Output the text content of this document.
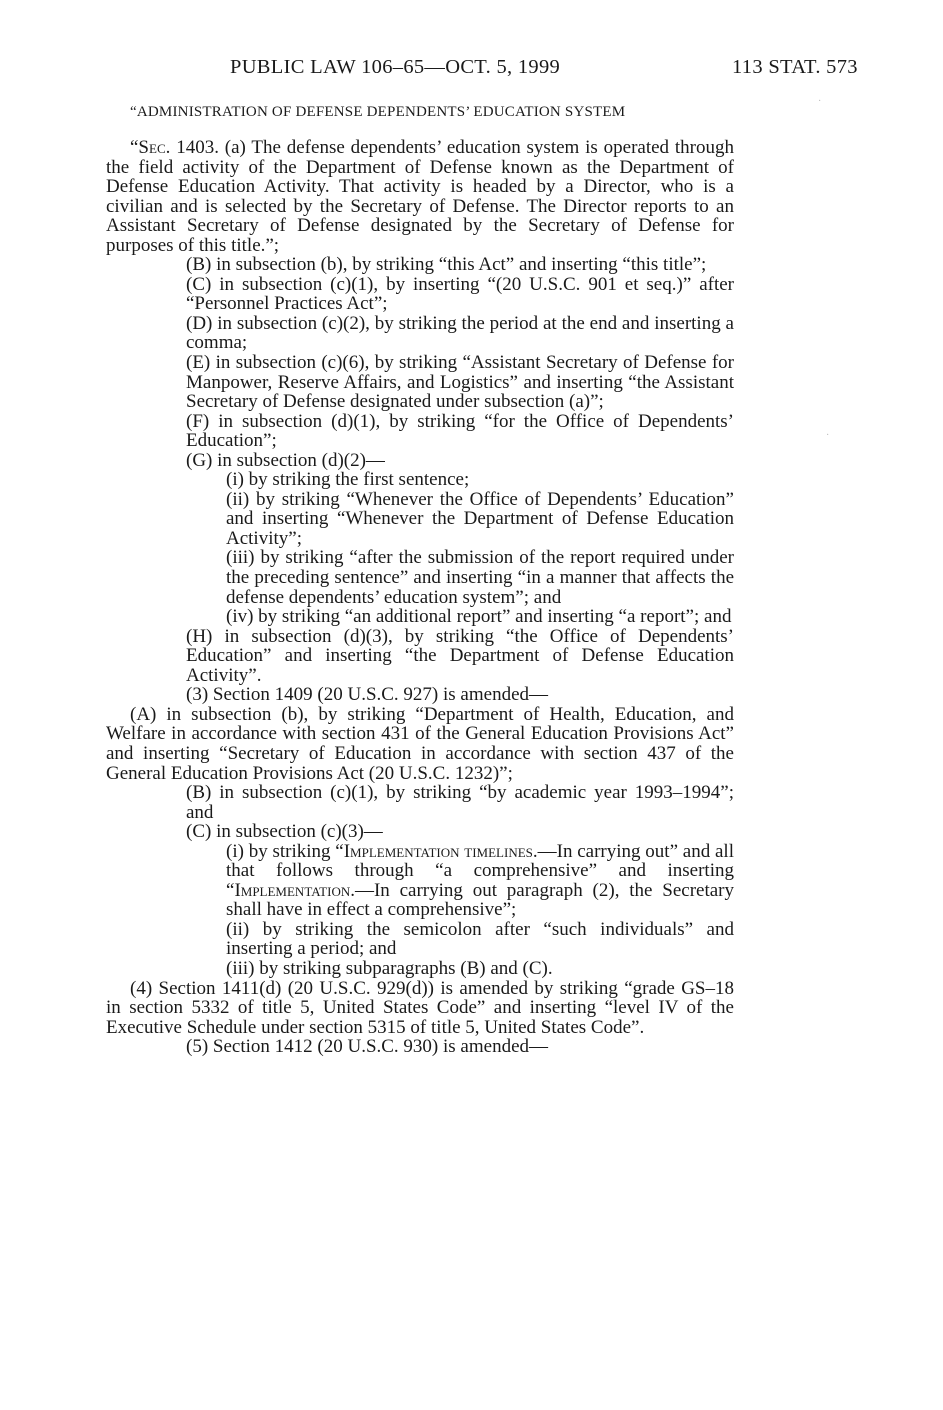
PUBLIC LAW 106–65—OCT. 5, 1999	113 STAT. 573
“ADMINISTRATION OF DEFENSE DEPENDENTS’ EDUCATION SYSTEM

“Sec. 1403. (a) The defense dependents’ education system is operated through the field activity of the Department of Defense known as the Department of Defense Education Activity. That activity is headed by a Director, who is a civilian and is selected by the Secretary of Defense. The Director reports to an Assistant Secretary of Defense designated by the Secretary of Defense for purposes of this title.”;

(B) in subsection (b), by striking “this Act” and inserting “this title”;

(C) in subsection (c)(1), by inserting “(20 U.S.C. 901 et seq.)” after “Personnel Practices Act”;

(D) in subsection (c)(2), by striking the period at the end and inserting a comma;

(E) in subsection (c)(6), by striking “Assistant Secretary of Defense for Manpower, Reserve Affairs, and Logistics” and inserting “the Assistant Secretary of Defense designated under subsection (a)”;

(F) in subsection (d)(1), by striking “for the Office of Dependents’ Education”;

(G) in subsection (d)(2)—

(i) by striking the first sentence;

(ii) by striking “Whenever the Office of Dependents’ Education” and inserting “Whenever the Department of Defense Education Activity”;

(iii) by striking “after the submission of the report required under the preceding sentence” and inserting “in a manner that affects the defense dependents’ education system”; and

(iv) by striking “an additional report” and inserting “a report”; and

(H) in subsection (d)(3), by striking “the Office of Dependents’ Education” and inserting “the Department of Defense Education Activity”.

(3) Section 1409 (20 U.S.C. 927) is amended—

(A) in subsection (b), by striking “Department of Health, Education, and Welfare in accordance with section 431 of the General Education Provisions Act” and inserting “Secretary of Education in accordance with section 437 of the General Education Provisions Act (20 U.S.C. 1232)”;

(B) in subsection (c)(1), by striking “by academic year 1993–1994”; and

(C) in subsection (c)(3)—

(i) by striking “Implementation timelines.—In carrying out” and all that follows through “a comprehensive” and inserting “Implementation.—In carrying out paragraph (2), the Secretary shall have in effect a comprehensive”;

(ii) by striking the semicolon after “such individuals” and inserting a period; and

(iii) by striking subparagraphs (B) and (C).

(4) Section 1411(d) (20 U.S.C. 929(d)) is amended by striking “grade GS–18 in section 5332 of title 5, United States Code” and inserting “level IV of the Executive Schedule under section 5315 of title 5, United States Code”.

(5) Section 1412 (20 U.S.C. 930) is amended—

·
·
